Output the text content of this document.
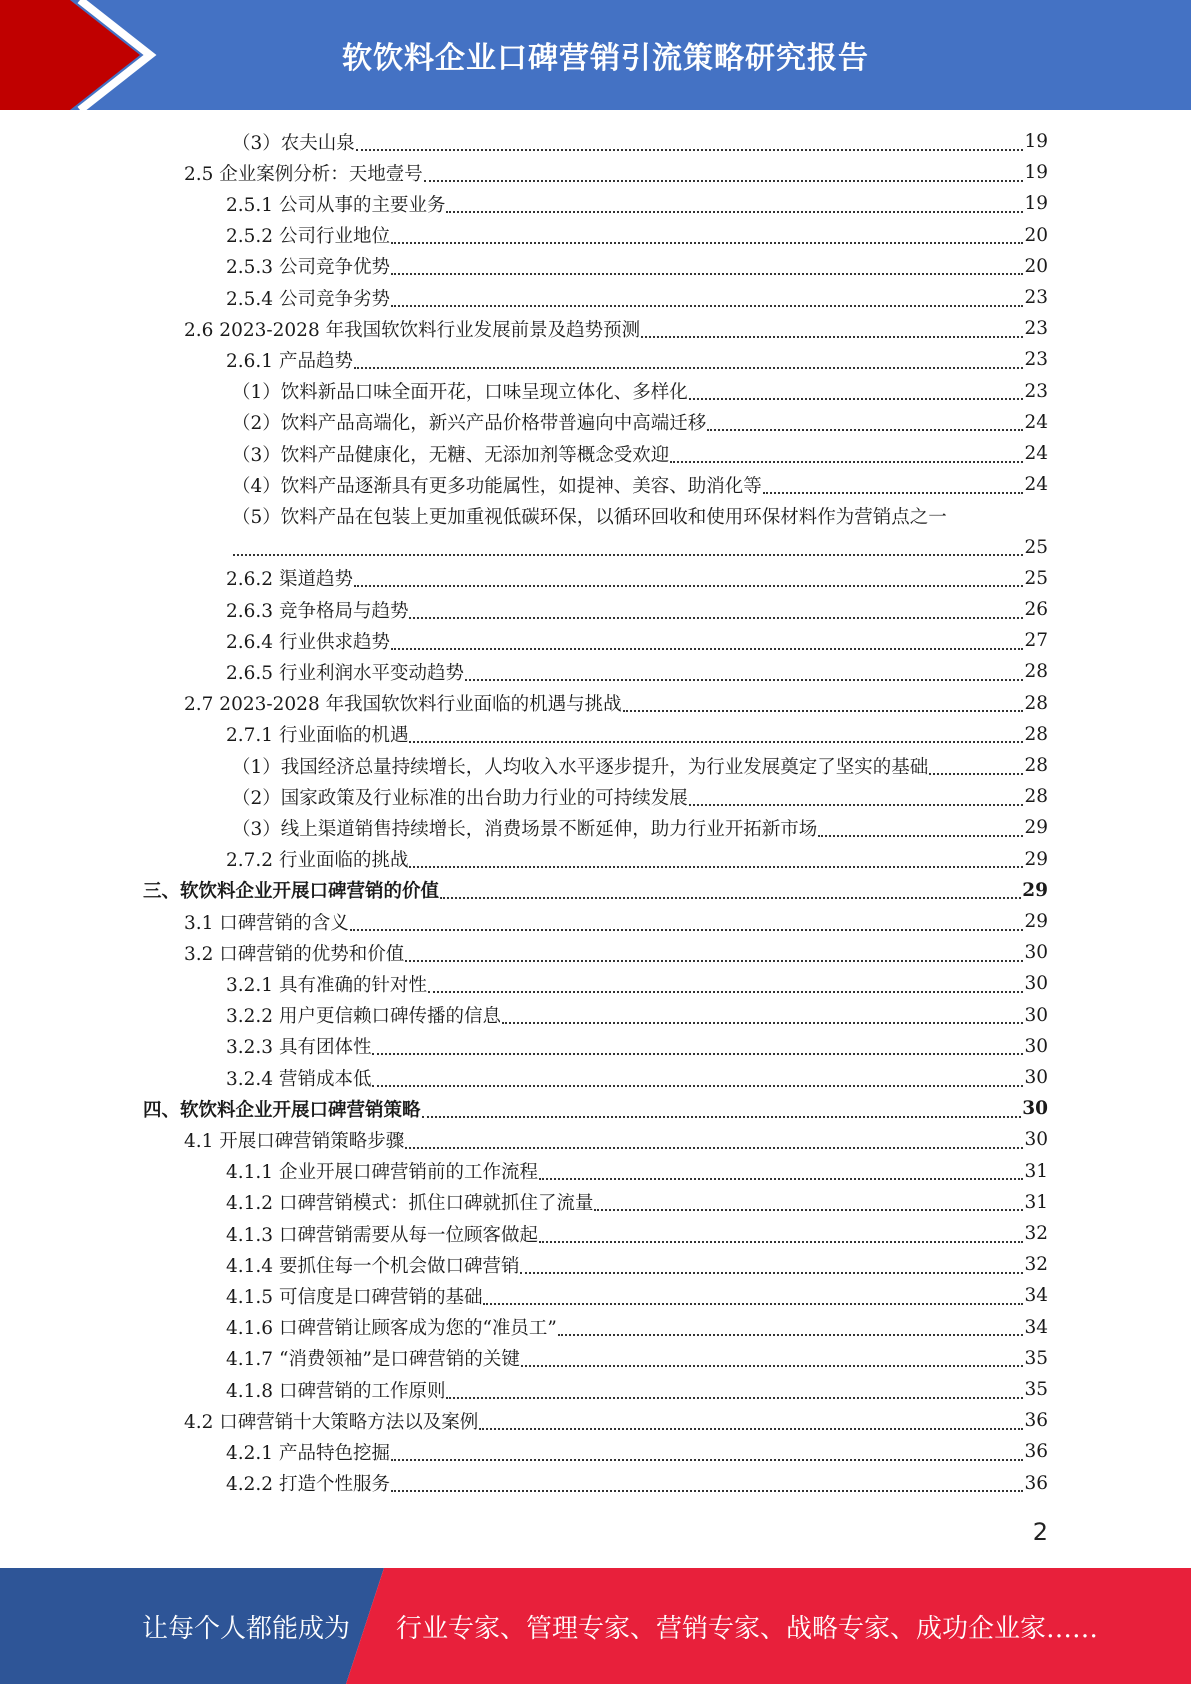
软饮料企业口碑营销引流策略研究报告
（3）农夫山泉	19
2.5 企业案例分析：天地壹号	19
2.5.1 公司从事的主要业务	19
2.5.2 公司行业地位	20
2.5.3 公司竞争优势	20
2.5.4 公司竞争劣势	23
2.6 2023-2028 年我国软饮料行业发展前景及趋势预测	23
2.6.1 产品趋势	23
（1）饮料新品口味全面开花，口味呈现立体化、多样化	23
（2）饮料产品高端化，新兴产品价格带普遍向中高端迁移	24
（3）饮料产品健康化，无糖、无添加剂等概念受欢迎	24
（4）饮料产品逐渐具有更多功能属性，如提神、美容、助消化等	24
（5）饮料产品在包装上更加重视低碳环保，以循环回收和使用环保材料作为营销点之一
25
2.6.2 渠道趋势	25
2.6.3 竞争格局与趋势	26
2.6.4 行业供求趋势	27
2.6.5 行业利润水平变动趋势	28
2.7 2023-2028 年我国软饮料行业面临的机遇与挑战	28
2.7.1 行业面临的机遇	28
（1）我国经济总量持续增长，人均收入水平逐步提升，为行业发展奠定了坚实的基础	28
（2）国家政策及行业标准的出台助力行业的可持续发展	28
（3）线上渠道销售持续增长，消费场景不断延伸，助力行业开拓新市场	29
2.7.2 行业面临的挑战	29
三、软饮料企业开展口碑营销的价值	29
3.1 口碑营销的含义	29
3.2 口碑营销的优势和价值	30
3.2.1 具有准确的针对性	30
3.2.2 用户更信赖口碑传播的信息	30
3.2.3 具有团体性	30
3.2.4 营销成本低	30
四、软饮料企业开展口碑营销策略	30
4.1 开展口碑营销策略步骤	30
4.1.1 企业开展口碑营销前的工作流程	31
4.1.2 口碑营销模式：抓住口碑就抓住了流量	31
4.1.3 口碑营销需要从每一位顾客做起	32
4.1.4 要抓住每一个机会做口碑营销	32
4.1.5 可信度是口碑营销的基础	34
4.1.6 口碑营销让顾客成为您的“准员工”	34
4.1.7 “消费领袖”是口碑营销的关键	35
4.1.8 口碑营销的工作原则	35
4.2 口碑营销十大策略方法以及案例	36
4.2.1 产品特色挖掘	36
4.2.2 打造个性服务	36
2
让每个人都能成为 行业专家、管理专家、营销专家、战略专家、成功企业家……
